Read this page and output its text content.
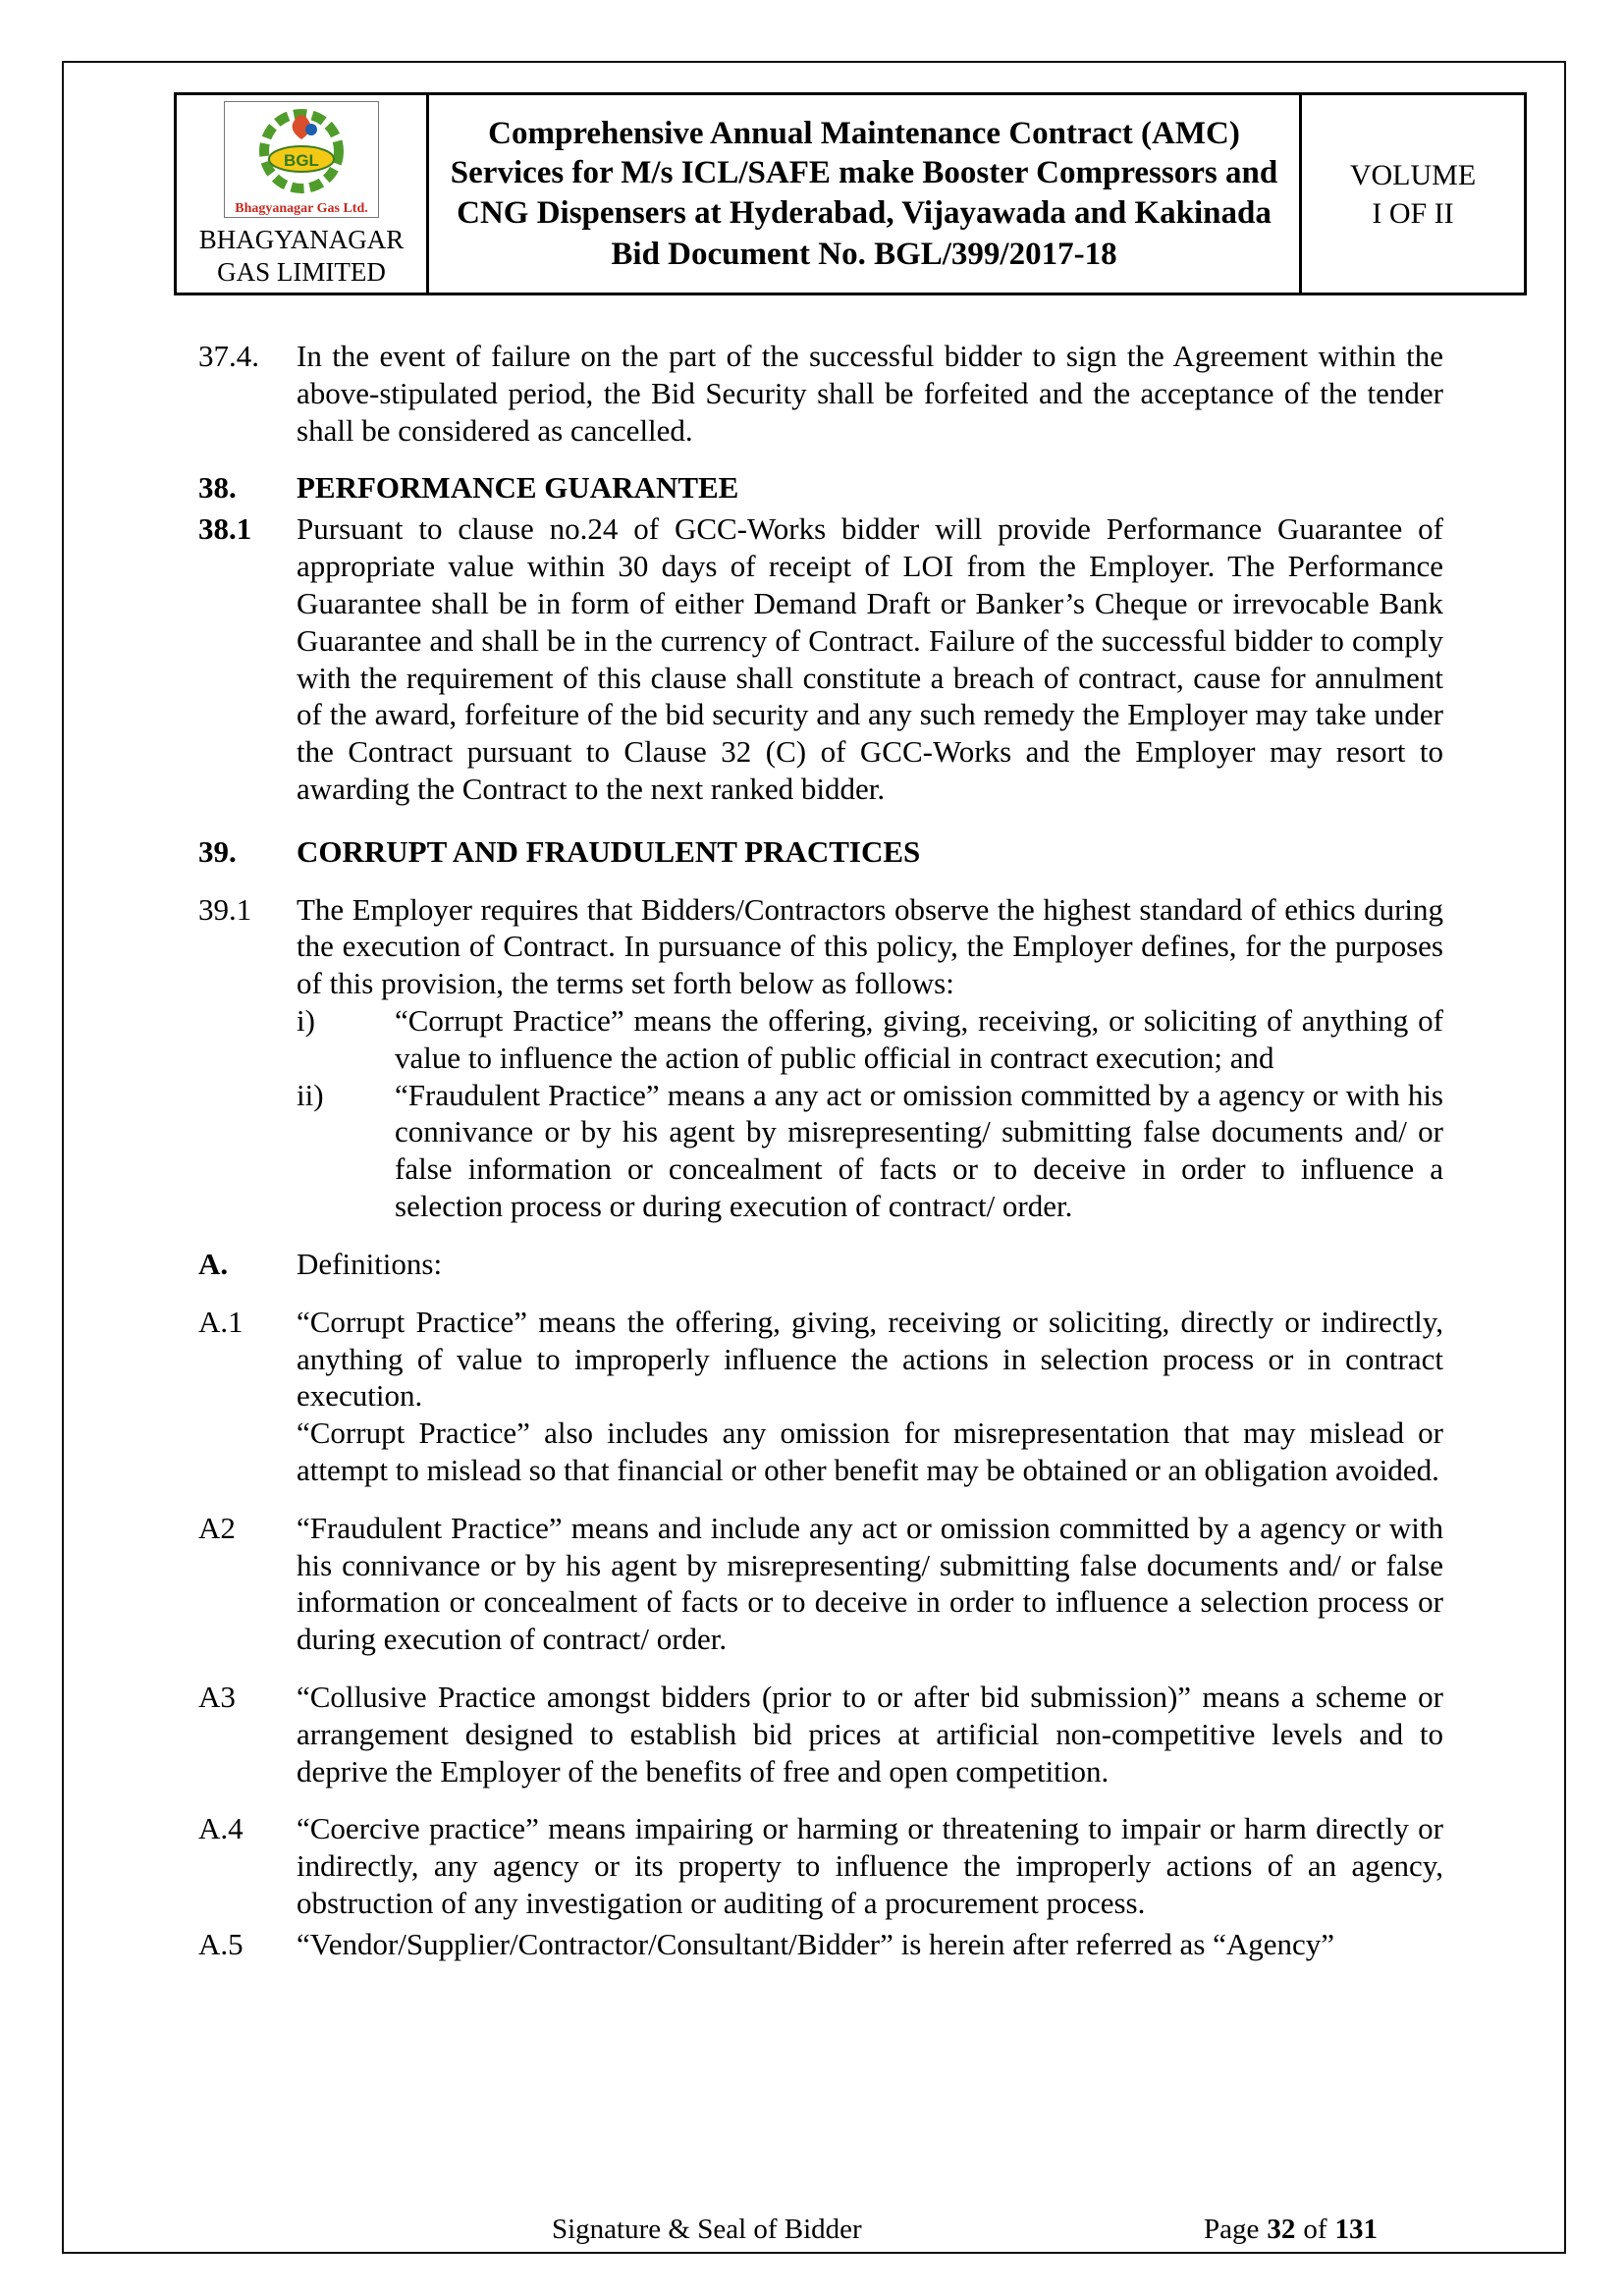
BGL
Bhagyanagar Gas Ltd.
BHAGYANAGAR
GAS LIMITED

Comprehensive Annual Maintenance Contract (AMC) Services for M/s ICL/SAFE make Booster Compressors and CNG Dispensers at Hyderabad, Vijayawada and Kakinada
Bid Document No. BGL/399/2017-18

VOLUME
I OF II
37.4.	In the event of failure on the part of the successful bidder to sign the Agreement within the above-stipulated period, the Bid Security shall be forfeited and the acceptance of the tender shall be considered as cancelled.
38.	PERFORMANCE GUARANTEE
38.1	Pursuant to clause no.24 of GCC-Works bidder will provide Performance Guarantee of appropriate value within 30 days of receipt of LOI from the Employer. The Performance Guarantee shall be in form of either Demand Draft or Banker’s Cheque or irrevocable Bank Guarantee and shall be in the currency of Contract. Failure of the successful bidder to comply with the requirement of this clause shall constitute a breach of contract, cause for annulment of the award, forfeiture of the bid security and any such remedy the Employer may take under the Contract pursuant to Clause 32 (C) of GCC-Works and the Employer may resort to awarding the Contract to the next ranked bidder.
39.	CORRUPT AND FRAUDULENT PRACTICES
39.1	The Employer requires that Bidders/Contractors observe the highest standard of ethics during the execution of Contract. In pursuance of this policy, the Employer defines, for the purposes of this provision, the terms set forth below as follows:
i)	“Corrupt Practice” means the offering, giving, receiving, or soliciting of anything of value to influence the action of public official in contract execution; and
ii)	“Fraudulent Practice” means a any act or omission committed by a agency or with his connivance or by his agent by misrepresenting/ submitting false documents and/ or false information or concealment of facts or to deceive in order to influence a selection process or during execution of contract/ order.
A.	Definitions:
A.1	“Corrupt Practice” means the offering, giving, receiving or soliciting, directly or indirectly, anything of value to improperly influence the actions in selection process or in contract execution.
“Corrupt Practice” also includes any omission for misrepresentation that may mislead or attempt to mislead so that financial or other benefit may be obtained or an obligation avoided.
A2	“Fraudulent Practice” means and include any act or omission committed by a agency or with his connivance or by his agent by misrepresenting/ submitting false documents and/ or false information or concealment of facts or to deceive in order to influence a selection process or during execution of contract/ order.
A3	“Collusive Practice amongst bidders (prior to or after bid submission)” means a scheme or arrangement designed to establish bid prices at artificial non-competitive levels and to deprive the Employer of the benefits of free and open competition.
A.4	“Coercive practice” means impairing or harming or threatening to impair or harm directly or indirectly, any agency or its property to influence the improperly actions of an agency, obstruction of any investigation or auditing of a procurement process.
A.5	“Vendor/Supplier/Contractor/Consultant/Bidder” is herein after referred as “Agency”
Signature & Seal of Bidder	Page 32 of 131
